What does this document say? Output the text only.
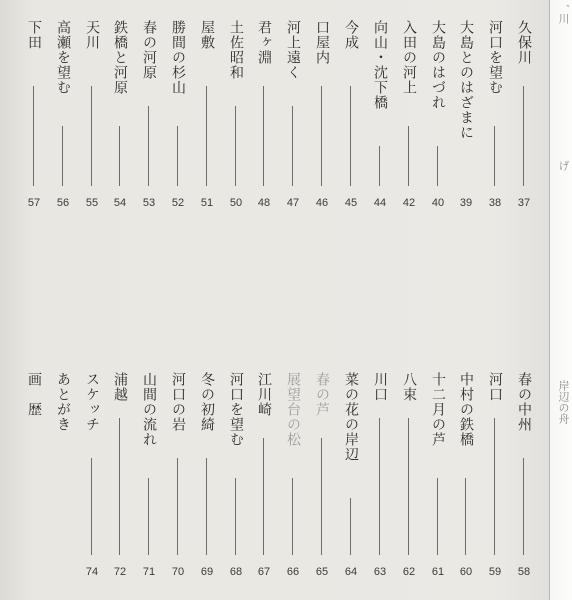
久保川
37
河口を望む
38
大島とのはざまに
39
大島のはづれ
40
入田の河上
42
向山・沈下橋
44
今成
45
口屋内
46
河上遠く
47
君ヶ淵
48
土佐昭和
50
屋敷
51
勝間の杉山
52
春の河原
53
鉄橋と河原
54
天川
55
高瀬を望む
56
下田
57
春の中州
58
河口
59
中村の鉄橋
60
十二月の芦
61
八束
62
川口
63
菜の花の岸辺
64
春の芦
65
展望台の松
66
江川崎
67
河口を望む
68
冬の初綺
69
河口の岩
70
山間の流れ
71
浦越
72
スケッチ
74
あとがき
画　歴
ﾞ 川
げ
岸辺の舟
